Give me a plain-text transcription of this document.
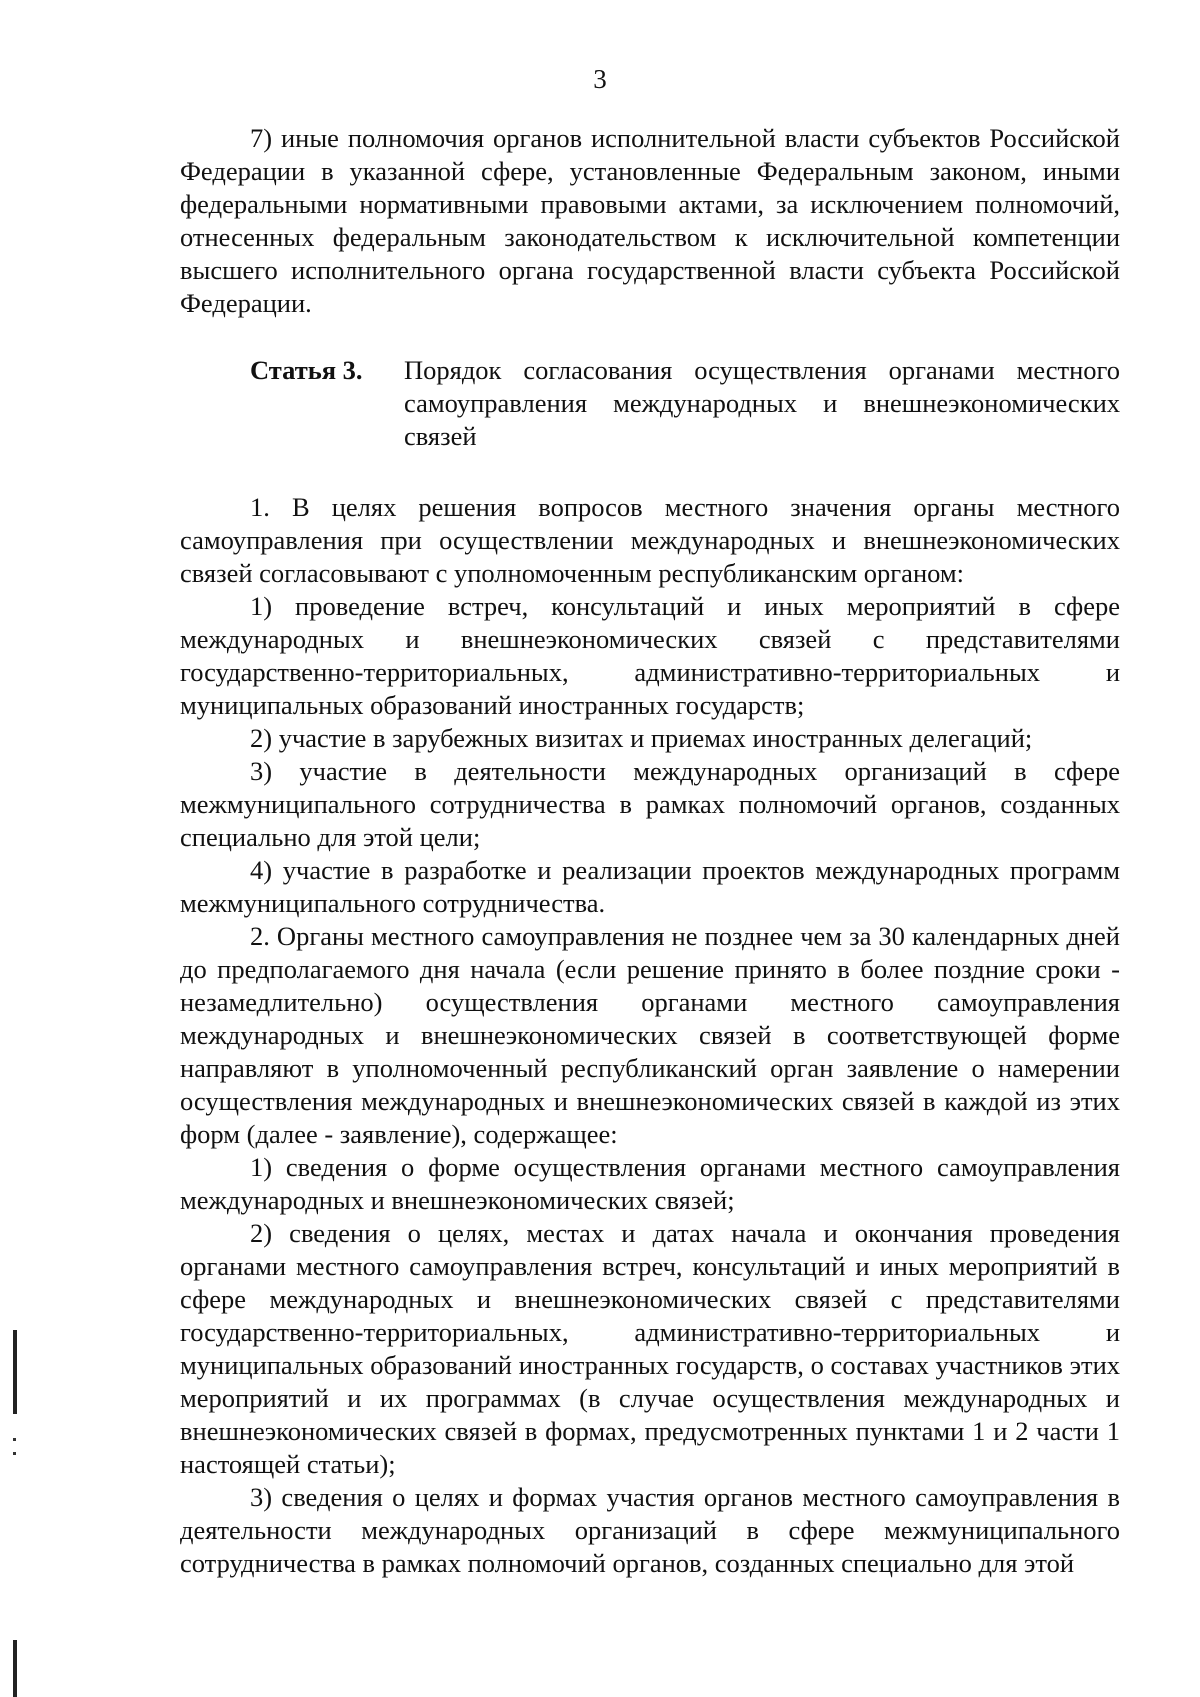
3

7) иные полномочия органов исполнительной власти субъектов Российской Федерации в указанной сфере, установленные Федеральным законом, иными федеральными нормативными правовыми актами, за исключением полномочий, отнесенных федеральным законодательством к исключительной компетенции высшего исполнительного органа государственной власти субъекта Российской Федерации.

Статья 3.	Порядок согласования осуществления органами местного самоуправления международных и внешнеэкономических связей

1. В целях решения вопросов местного значения органы местного самоуправления при осуществлении международных и внешнеэкономических связей согласовывают с уполномоченным республиканским органом:

1) проведение встреч, консультаций и иных мероприятий в сфере международных и внешнеэкономических связей с представителями государственно-территориальных, административно-территориальных и муниципальных образований иностранных государств;

2) участие в зарубежных визитах и приемах иностранных делегаций;

3) участие в деятельности международных организаций в сфере межмуниципального сотрудничества в рамках полномочий органов, созданных специально для этой цели;

4) участие в разработке и реализации проектов международных программ межмуниципального сотрудничества.

2. Органы местного самоуправления не позднее чем за 30 календарных дней до предполагаемого дня начала (если решение принято в более поздние сроки - незамедлительно) осуществления органами местного самоуправления международных и внешнеэкономических связей в соответствующей форме направляют в уполномоченный республиканский орган заявление о намерении осуществления международных и внешнеэкономических связей в каждой из этих форм (далее - заявление), содержащее:

1) сведения о форме осуществления органами местного самоуправления международных и внешнеэкономических связей;

2) сведения о целях, местах и датах начала и окончания проведения органами местного самоуправления встреч, консультаций и иных мероприятий в сфере международных и внешнеэкономических связей с представителями государственно-территориальных, административно-территориальных и муниципальных образований иностранных государств, о составах участников этих мероприятий и их программах (в случае осуществления международных и внешнеэкономических связей в формах, предусмотренных пунктами 1 и 2 части 1 настоящей статьи);

3) сведения о целях и формах участия органов местного самоуправления в деятельности международных организаций в сфере межмуниципального сотрудничества в рамках полномочий органов, созданных специально для этой
